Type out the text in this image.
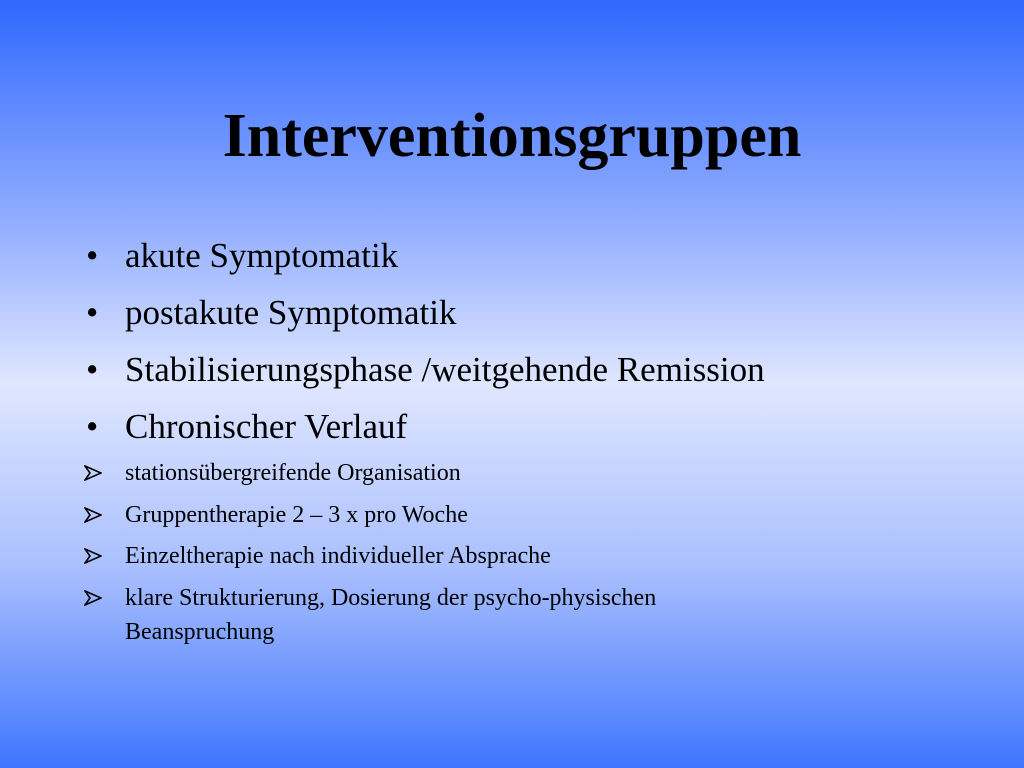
Interventionsgruppen
• akute Symptomatik
• postakute Symptomatik
• Stabilisierungsphase /weitgehende Remission
• Chronischer Verlauf
stationsübergreifende Organisation
Gruppentherapie 2 – 3 x pro Woche
Einzeltherapie nach individueller Absprache
klare Strukturierung, Dosierung der psycho-physischen Beanspruchung
